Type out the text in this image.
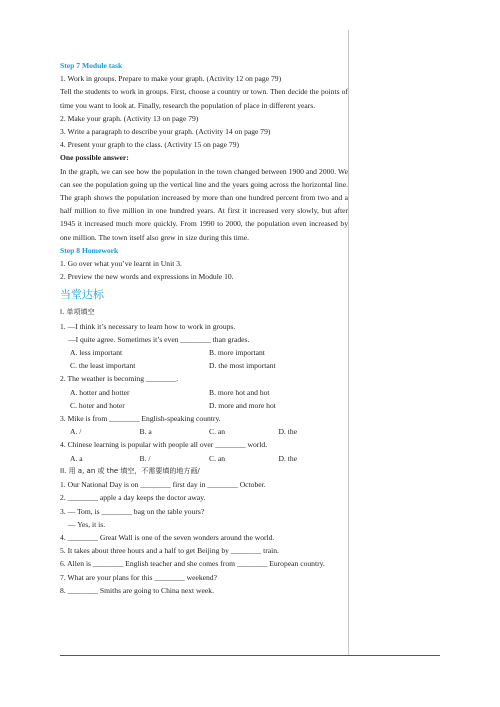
Step 7 Module task

1. Work in groups. Prepare to make your graph. (Activity 12 on page 79)

Tell the students to work in groups. First, choose a country or town. Then decide the points of time you want to look at. Finally, research the population of place in different years.

2. Make your graph. (Activity 13 on page 79)

3. Write a paragraph to describe your graph. (Activity 14 on page 79)

4. Present your graph to the class. (Activity 15 on page 79)

One possible answer:

In the graph, we can see how the population in the town changed between 1900 and 2000. We can see the population going up the vertical line and the years going across the horizontal line. The graph shows the population increased by more than one hundred percent from two and a half million to five million in one hundred years. At first it increased very slowly, but after 1945 it increased much more quickly. From 1990 to 2000, the population even increased by one million. The town itself also grew in size during this time.

Step 8 Homework

1. Go over what you’ve learnt in Unit 3.

2. Preview the new words and expressions in Module 10.

当堂达标

I. 单项填空

1. —I think it’s necessary to learn how to work in groups.

—I quite agree. Sometimes it’s even ________ than grades.

A. less important	B. more important
C. the least important	D. the most important

2. The weather is becoming ________.

A. hotter and hotter	B. more hot and hot
C. hoter and hoter	D. more and more hot

3. Mike is from ________ English-speaking country.

A. /	B. a	C. an	D. the

4. Chinese learning is popular with people all over ________ world.

A. a	B. /	C. an	D. the

II. 用 a, an 或 the 填空，不需要填的地方画/

1. Our National Day is on ________ first day in ________ October.

2. ________ apple a day keeps the doctor away.

3. — Tom, is ________ bag on the table yours?

— Yes, it is.

4. ________ Great Wall is one of the seven wonders around the world.

5. It takes about three hours and a half to get Beijing by ________ train.

6. Allen is ________ English teacher and she comes from ________ European country.

7. What are your plans for this ________ weekend?

8. ________ Smiths are going to China next week.
